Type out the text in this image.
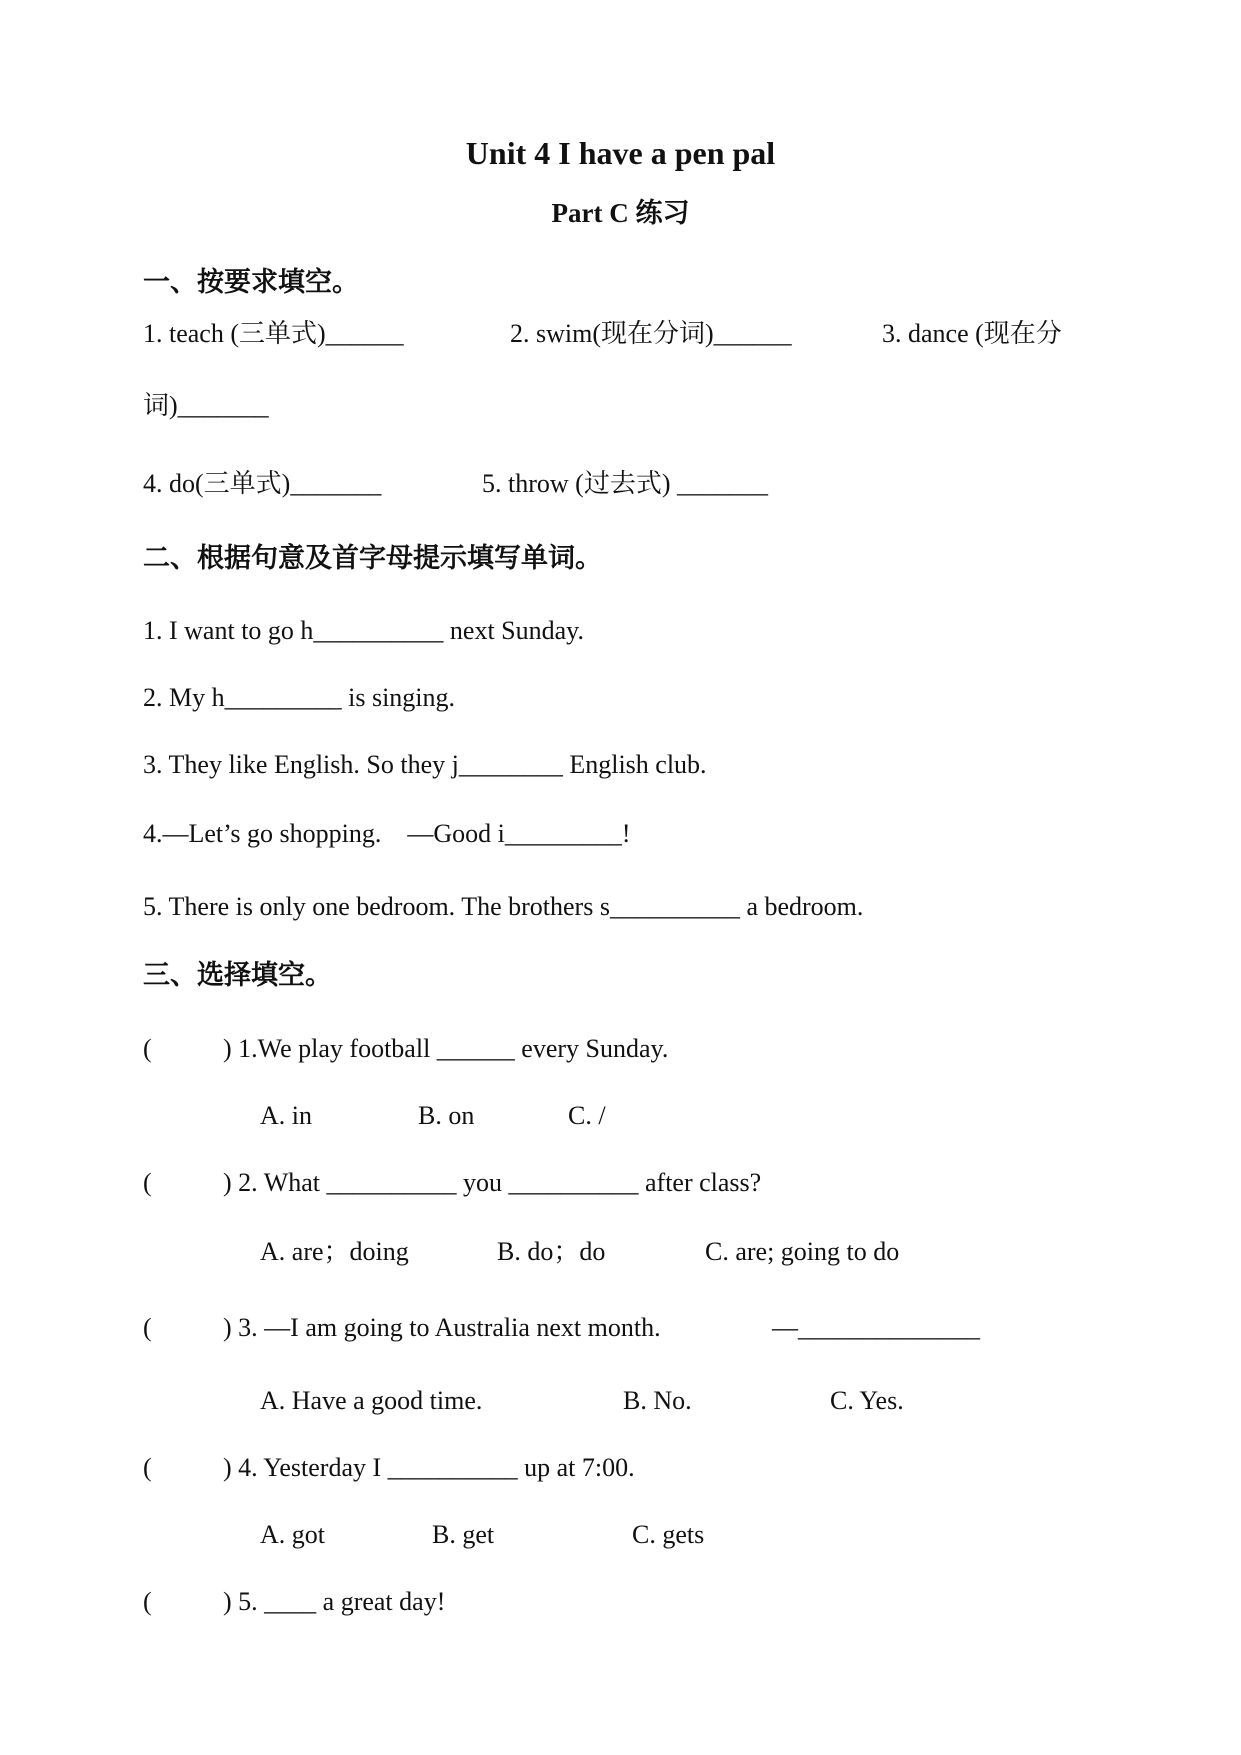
Unit 4 I have a pen pal
Part C 练习
一、按要求填空。
1. teach (三单式)______	2. swim(现在分词)______	3. dance (现在分
词)_______
4. do(三单式)_______	5. throw (过去式) _______
二、根据句意及首字母提示填写单词。
1. I want to go h__________ next Sunday.
2. My h_________ is singing.
3. They like English. So they j________ English club.
4.—Let’s go shopping.    —Good i_________!
5. There is only one bedroom. The brothers s__________ a bedroom.
三、选择填空。
(	) 1.We play football ______ every Sunday.
A. in	B. on	C. /
(	) 2. What __________ you __________ after class?
A. are；doing	B. do；do	C. are; going to do
(	) 3. —I am going to Australia next month.	—______________
A. Have a good time.	B. No.	C. Yes.
(	) 4. Yesterday I __________ up at 7:00.
A. got	B. get	C. gets
(	) 5. ____ a great day!
